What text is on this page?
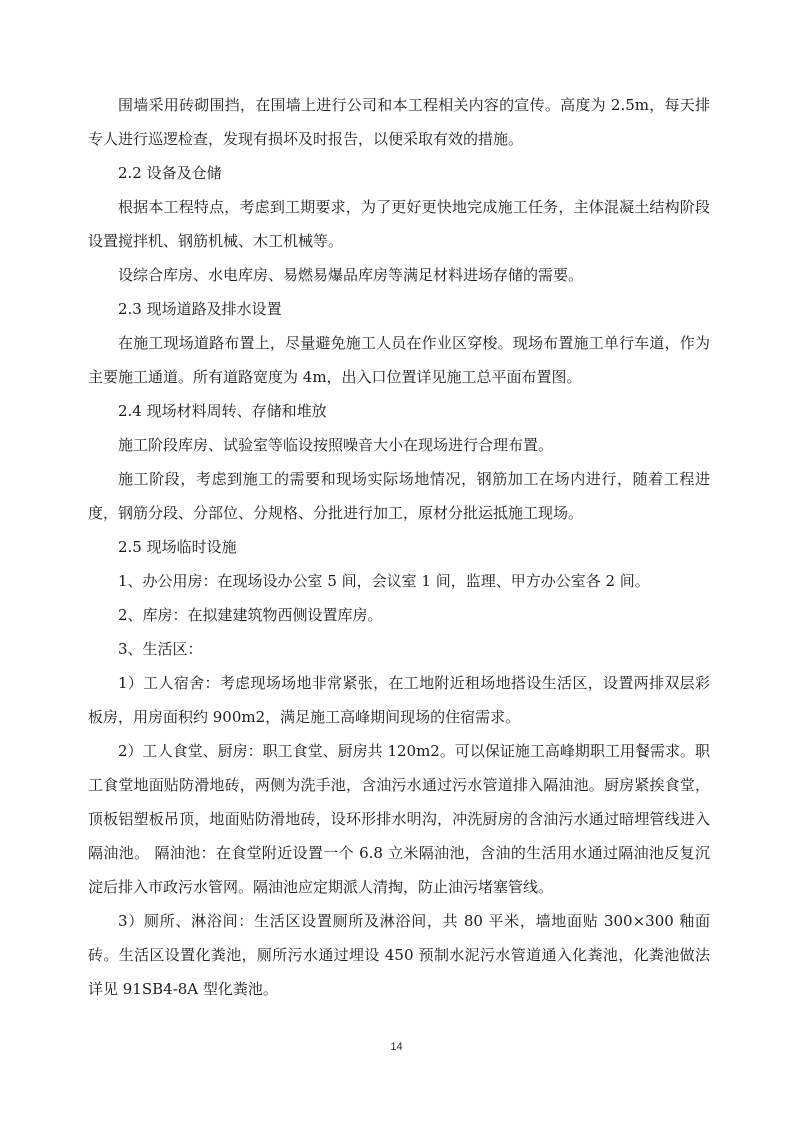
围墙采用砖砌围挡，在围墙上进行公司和本工程相关内容的宣传。高度为 2.5m，每天排专人进行巡逻检查，发现有损坏及时报告，以便采取有效的措施。

2.2 设备及仓储

根据本工程特点，考虑到工期要求，为了更好更快地完成施工任务，主体混凝土结构阶段设置搅拌机、钢筋机械、木工机械等。

设综合库房、水电库房、易燃易爆品库房等满足材料进场存储的需要。

2.3 现场道路及排水设置

在施工现场道路布置上，尽量避免施工人员在作业区穿梭。现场布置施工单行车道，作为主要施工通道。所有道路宽度为 4m，出入口位置详见施工总平面布置图。

2.4 现场材料周转、存储和堆放

施工阶段库房、试验室等临设按照噪音大小在现场进行合理布置。

施工阶段，考虑到施工的需要和现场实际场地情况，钢筋加工在场内进行，随着工程进度，钢筋分段、分部位、分规格、分批进行加工，原材分批运抵施工现场。

2.5 现场临时设施

1、办公用房：在现场设办公室 5 间，会议室 1 间，监理、甲方办公室各 2 间。

2、库房：在拟建建筑物西侧设置库房。

3、生活区：

1）工人宿舍：考虑现场场地非常紧张，在工地附近租场地搭设生活区，设置两排双层彩板房，用房面积约 900m2，满足施工高峰期间现场的住宿需求。

2）工人食堂、厨房：职工食堂、厨房共 120m2。可以保证施工高峰期职工用餐需求。职工食堂地面贴防滑地砖，两侧为洗手池，含油污水通过污水管道排入隔油池。厨房紧挨食堂，顶板铝塑板吊顶，地面贴防滑地砖，设环形排水明沟，冲洗厨房的含油污水通过暗埋管线进入隔油池。 隔油池：在食堂附近设置一个 6.8 立米隔油池，含油的生活用水通过隔油池反复沉淀后排入市政污水管网。隔油池应定期派人清掏，防止油污堵塞管线。

3）厕所、淋浴间：生活区设置厕所及淋浴间，共 80 平米，墙地面贴 300×300 釉面砖。生活区设置化粪池，厕所污水通过埋设 450 预制水泥污水管道通入化粪池，化粪池做法详见 91SB4-8A 型化粪池。

14
